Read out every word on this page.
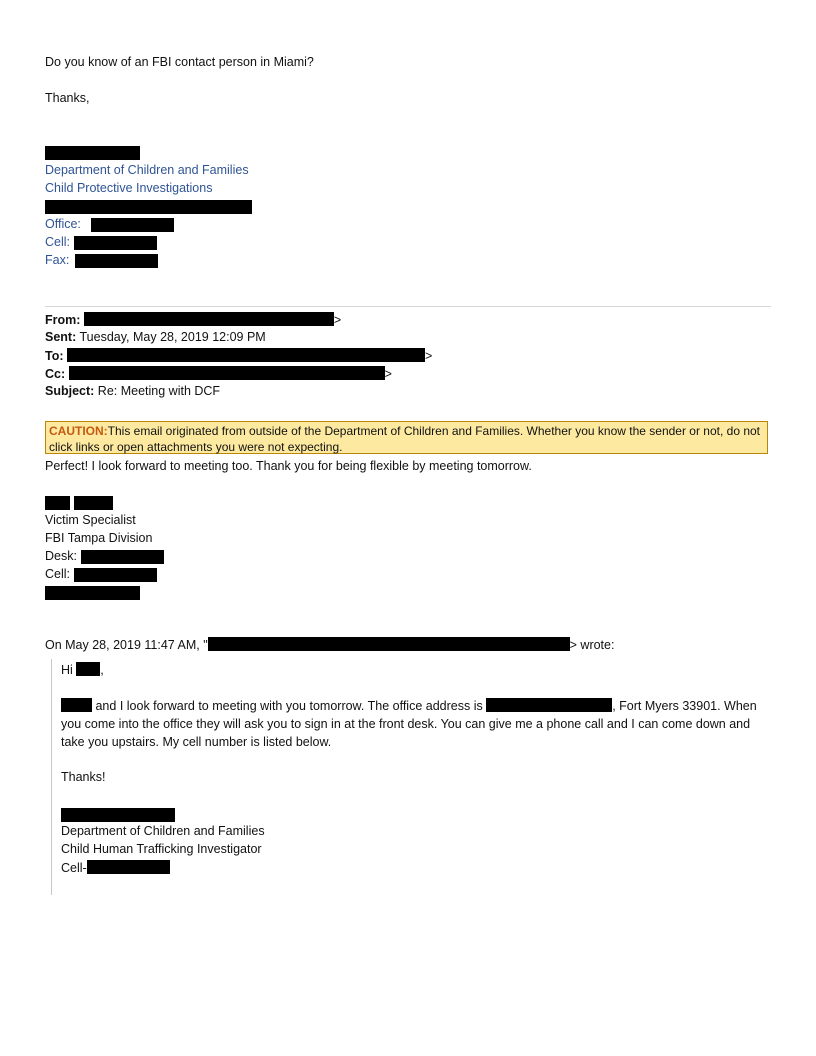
Do you know of an FBI contact person in Miami?
Thanks,
Department of Children and Families
Child Protective Investigations
Office:
Cell:
Fax:
From:	>
Sent: Tuesday, May 28, 2019 12:09 PM
To:	>
Cc:	>
Subject: Re: Meeting with DCF
CAUTION:This email originated from outside of the Department of Children and Families. Whether you know the sender or not, do not click links or open attachments you were not expecting.
Perfect! I look forward to meeting too. Thank you for being flexible by meeting tomorrow.
Victim Specialist
FBI Tampa Division
Desk:
Cell:
On May 28, 2019 11:47 AM, "	> wrote:
Hi ,
and I look forward to meeting with you tomorrow. The office address is	, Fort Myers 33901. When you come into the office they will ask you to sign in at the front desk. You can give me a phone call and I can come down and take you upstairs. My cell number is listed below.
Thanks!
Department of Children and Families
Child Human Trafficking Investigator
Cell-
